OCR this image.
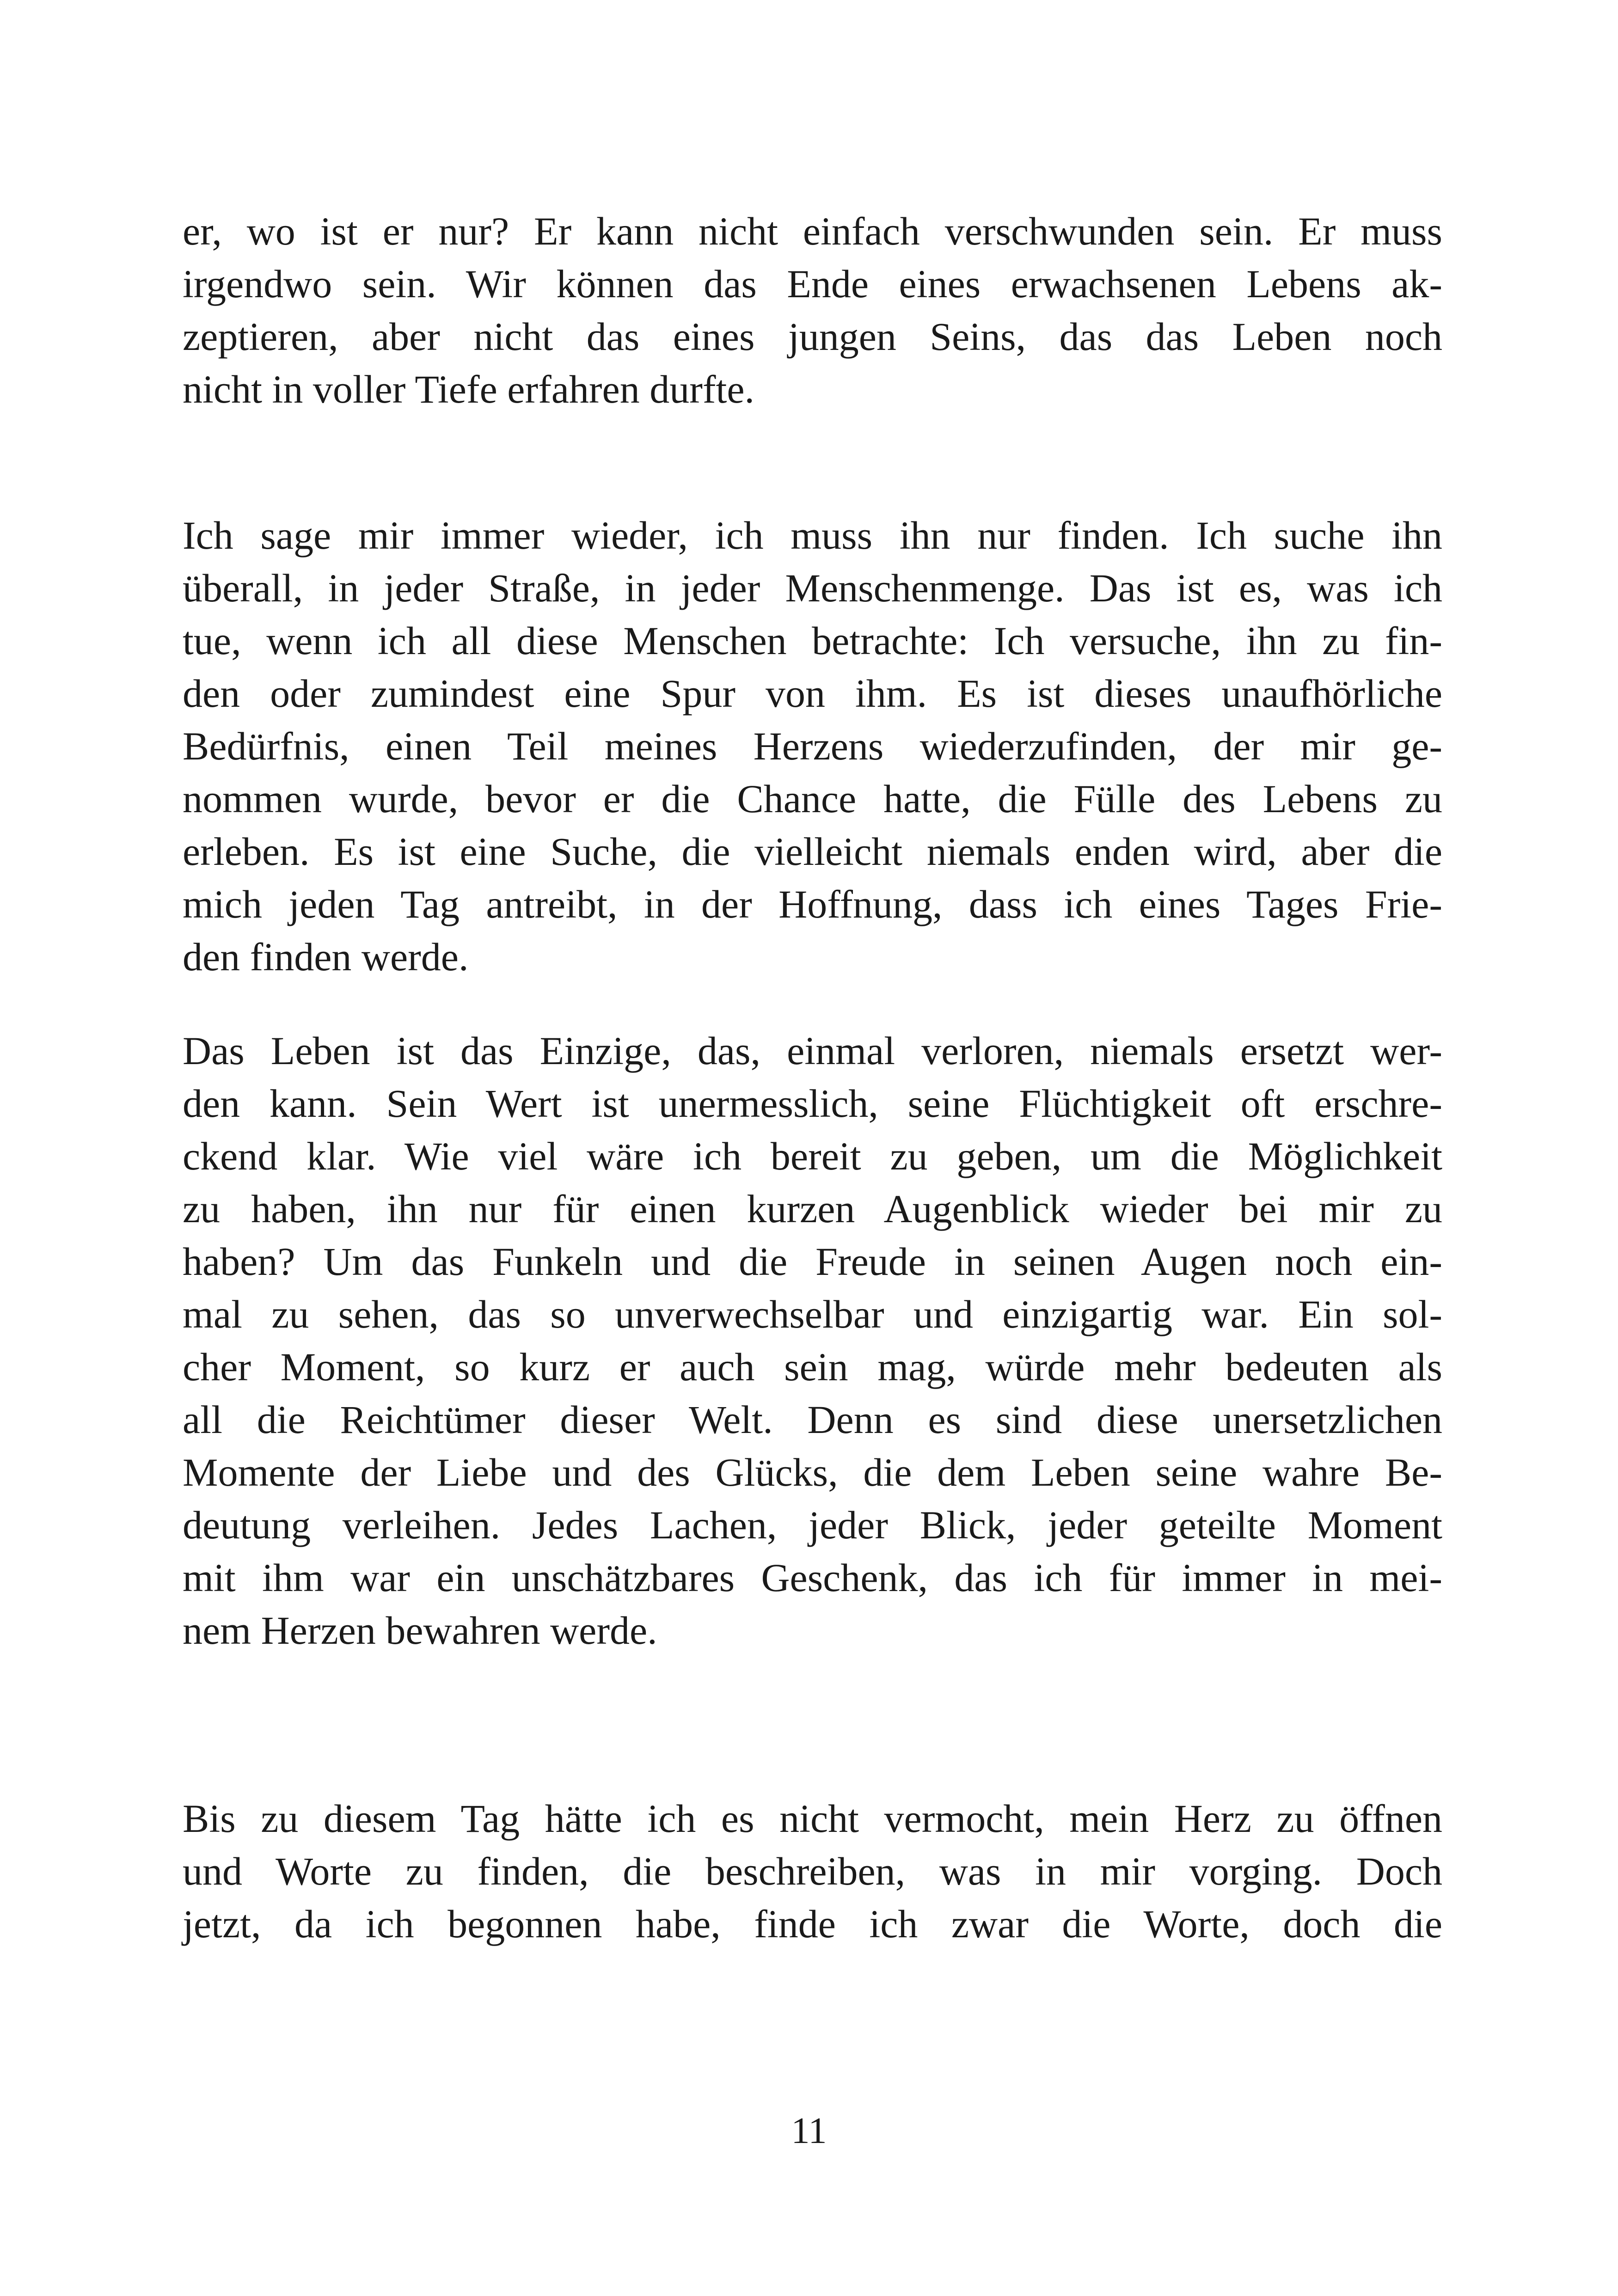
er, wo ist er nur? Er kann nicht einfach verschwunden sein. Er muss
irgendwo sein. Wir können das Ende eines erwachsenen Lebens ak-
zeptieren, aber nicht das eines jungen Seins, das das Leben noch
nicht in voller Tiefe erfahren durfte.
Ich sage mir immer wieder, ich muss ihn nur finden. Ich suche ihn
überall, in jeder Straße, in jeder Menschenmenge. Das ist es, was ich
tue, wenn ich all diese Menschen betrachte: Ich versuche, ihn zu fin-
den oder zumindest eine Spur von ihm. Es ist dieses unaufhörliche
Bedürfnis, einen Teil meines Herzens wiederzufinden, der mir ge-
nommen wurde, bevor er die Chance hatte, die Fülle des Lebens zu
erleben. Es ist eine Suche, die vielleicht niemals enden wird, aber die
mich jeden Tag antreibt, in der Hoffnung, dass ich eines Tages Frie-
den finden werde.
Das Leben ist das Einzige, das, einmal verloren, niemals ersetzt wer-
den kann. Sein Wert ist unermesslich, seine Flüchtigkeit oft erschre-
ckend klar. Wie viel wäre ich bereit zu geben, um die Möglichkeit
zu haben, ihn nur für einen kurzen Augenblick wieder bei mir zu
haben? Um das Funkeln und die Freude in seinen Augen noch ein-
mal zu sehen, das so unverwechselbar und einzigartig war. Ein sol-
cher Moment, so kurz er auch sein mag, würde mehr bedeuten als
all die Reichtümer dieser Welt. Denn es sind diese unersetzlichen
Momente der Liebe und des Glücks, die dem Leben seine wahre Be-
deutung verleihen. Jedes Lachen, jeder Blick, jeder geteilte Moment
mit ihm war ein unschätzbares Geschenk, das ich für immer in mei-
nem Herzen bewahren werde.
Bis zu diesem Tag hätte ich es nicht vermocht, mein Herz zu öffnen
und Worte zu finden, die beschreiben, was in mir vorging. Doch
jetzt, da ich begonnen habe, finde ich zwar die Worte, doch die
11
